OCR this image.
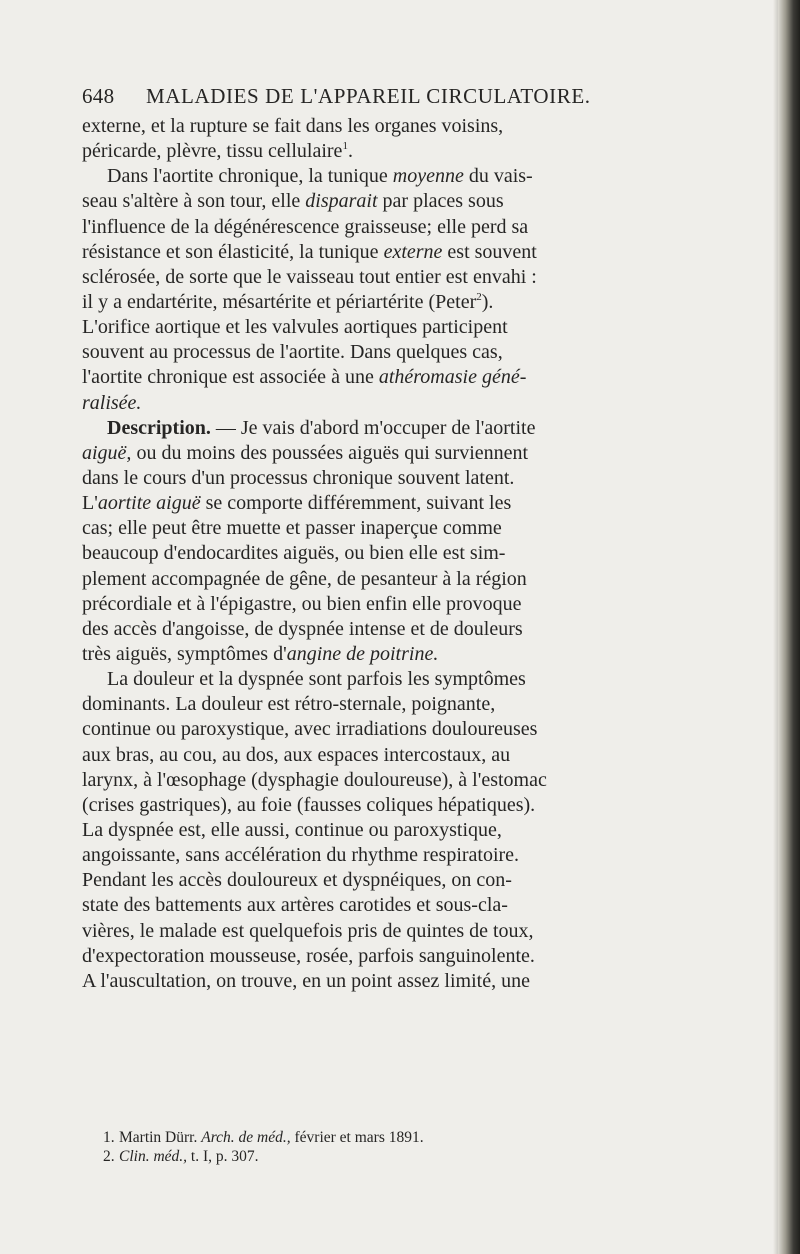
648 MALADIES DE L'APPAREIL CIRCULATOIRE.
externe, et la rupture se fait dans les organes voisins,
péricarde, plèvre, tissu cellulaire$^1$.
Dans l'aortite chronique, la tunique moyenne du vais-
seau s'altère à son tour, elle disparait par places sous
l'influence de la dégénérescence graisseuse; elle perd sa
résistance et son élasticité, la tunique externe est souvent
sclérosée, de sorte que le vaisseau tout entier est envahi :
il y a endartérite, mésartérite et périartérite (Peter$^2$).
L'orifice aortique et les valvules aortiques participent
souvent au processus de l'aortite. Dans quelques cas,
l'aortite chronique est associée à une athéromasie géné-
ralisée.
Description. — Je vais d'abord m'occuper de l'aortite
aiguë, ou du moins des poussées aiguës qui surviennent
dans le cours d'un processus chronique souvent latent.
L'aortite aiguë se comporte différemment, suivant les
cas; elle peut être muette et passer inaperçue comme
beaucoup d'endocardites aiguës, ou bien elle est sim-
plement accompagnée de gêne, de pesanteur à la région
précordiale et à l'épigastre, ou bien enfin elle provoque
des accès d'angoisse, de dyspnée intense et de douleurs
très aiguës, symptômes d'angine de poitrine.
La douleur et la dyspnée sont parfois les symptômes
dominants. La douleur est rétro-sternale, poignante,
continue ou paroxystique, avec irradiations douloureuses
aux bras, au cou, au dos, aux espaces intercostaux, au
larynx, à l'œsophage (dysphagie douloureuse), à l'estomac
(crises gastriques), au foie (fausses coliques hépatiques).
La dyspnée est, elle aussi, continue ou paroxystique,
angoissante, sans accélération du rhythme respiratoire.
Pendant les accès douloureux et dyspnéiques, on con-
state des battements aux artères carotides et sous-cla-
vières, le malade est quelquefois pris de quintes de toux,
d'expectoration mousseuse, rosée, parfois sanguinolente.
A l'auscultation, on trouve, en un point assez limité, une
1. Martin Dürr. Arch. de méd., février et mars 1891.
2. Clin. méd., t. I, p. 307.
